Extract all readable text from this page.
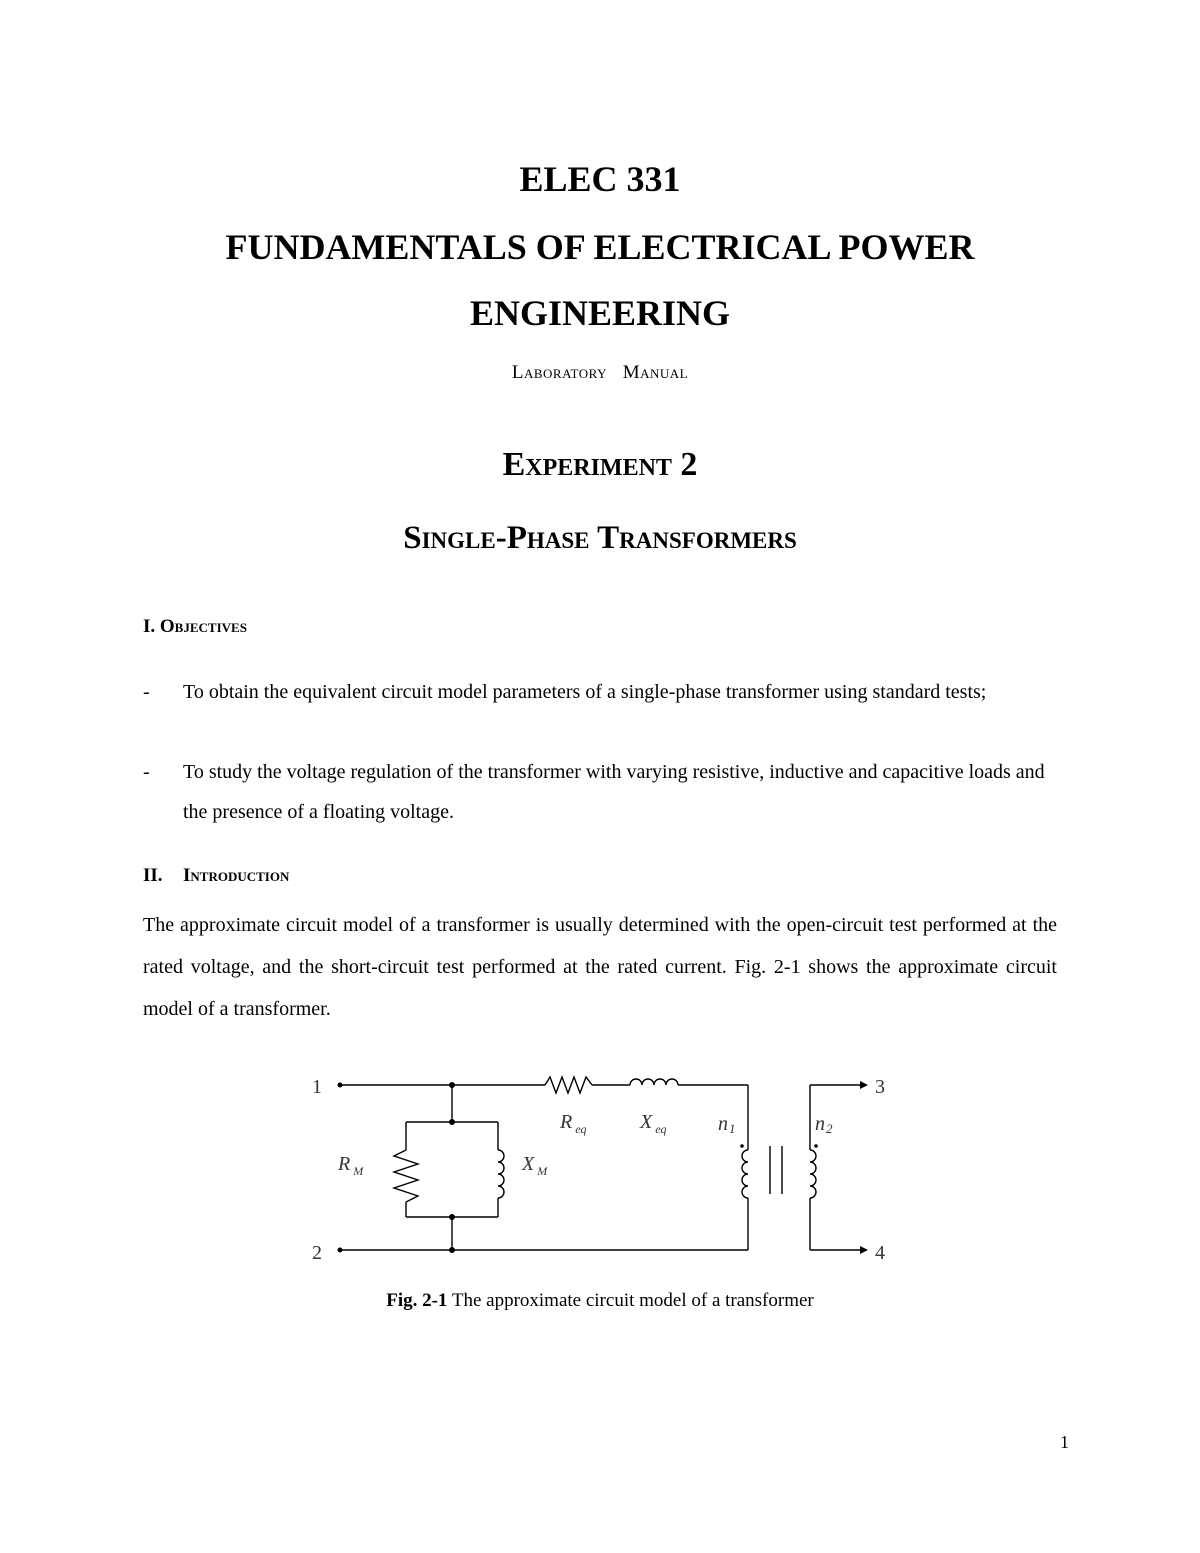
ELEC 331
FUNDAMENTALS OF ELECTRICAL POWER
ENGINEERING
Laboratory   Manual
Experiment 2
Single-Phase Transformers
I. Objectives
- To obtain the equivalent circuit model parameters of a single-phase transformer using standard tests;
- To study the voltage regulation of the transformer with varying resistive, inductive and capacitive loads and the presence of a floating voltage.
II. Introduction
The approximate circuit model of a transformer is usually determined with the open-circuit test performed at the rated voltage, and the short-circuit test performed at the rated current. Fig. 2-1 shows the approximate circuit model of a transformer.
1
2
3
4
R $_{eq}$	X $_{eq}$
R $_M$	X $_M$
n1	n2
Fig. 2-1 The approximate circuit model of a transformer
1
